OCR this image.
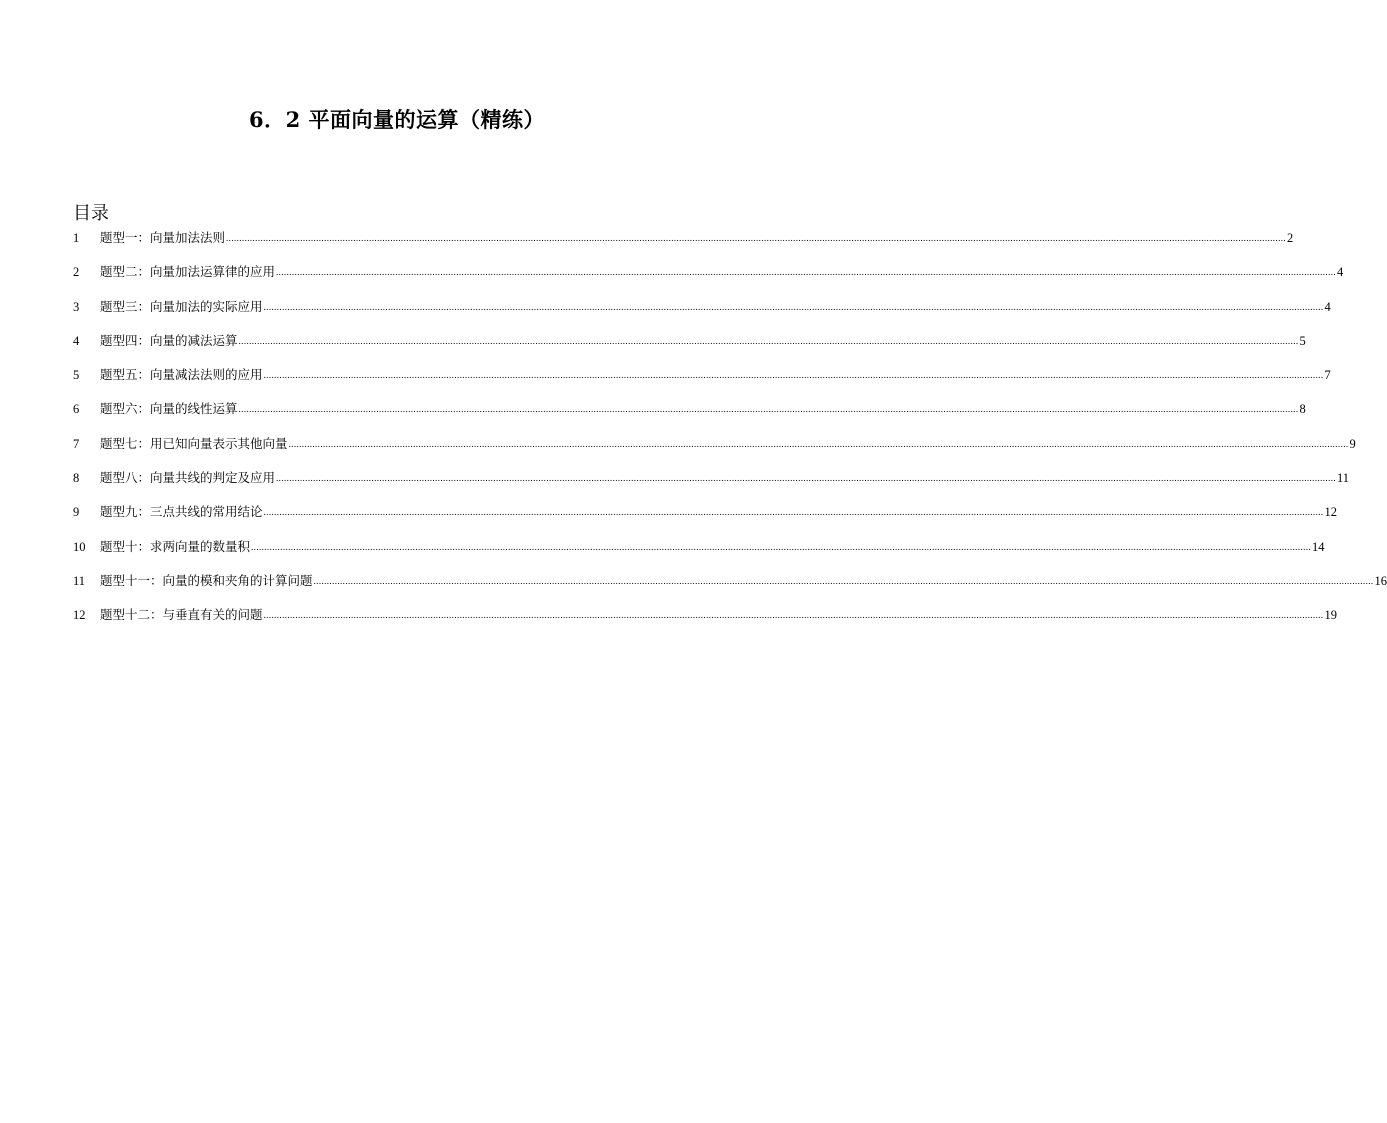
6．2 平面向量的运算（精练）
目录
1	题型一：向量加法法则 ................................................................................................................................................................................................................................................................................................................................................................................................................ 2
2	题型二：向量加法运算律的应用 ................................................................................................................................................................................................................................................................................................................................................................................................................ 4
3	题型三：向量加法的实际应用 ................................................................................................................................................................................................................................................................................................................................................................................................................ 4
4	题型四：向量的减法运算 ................................................................................................................................................................................................................................................................................................................................................................................................................ 5
5	题型五：向量减法法则的应用 ................................................................................................................................................................................................................................................................................................................................................................................................................ 7
6	题型六：向量的线性运算 ................................................................................................................................................................................................................................................................................................................................................................................................................ 8
7	题型七：用已知向量表示其他向量 ................................................................................................................................................................................................................................................................................................................................................................................................................ 9
8	题型八：向量共线的判定及应用 ................................................................................................................................................................................................................................................................................................................................................................................................................ 11
9	题型九：三点共线的常用结论 ................................................................................................................................................................................................................................................................................................................................................................................................................ 12
10	题型十：求两向量的数量积 ................................................................................................................................................................................................................................................................................................................................................................................................................ 14
11	题型十一：向量的模和夹角的计算问题 ................................................................................................................................................................................................................................................................................................................................................................................................................ 16
12	题型十二：与垂直有关的问题 ................................................................................................................................................................................................................................................................................................................................................................................................................ 19
